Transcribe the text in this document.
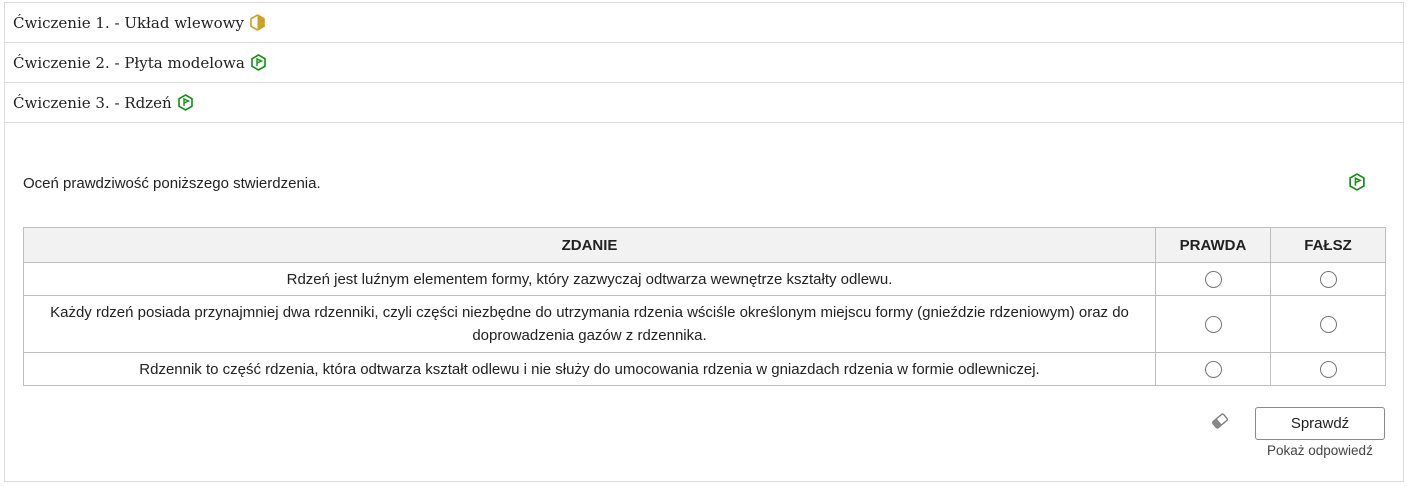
Ćwiczenie 1. - Układ wlewowy
Ćwiczenie 2. - Płyta modelowa
Ćwiczenie 3. - Rdzeń
Oceń prawdziwość poniższego stwierdzenia.
ZDANIE	PRAWDA	FAŁSZ
Rdzeń jest luźnym elementem formy, który zazwyczaj odtwarza wewnętrze kształty odlewu.		
Każdy rdzeń posiada przynajmniej dwa rdzenniki, czyli części niezbędne do utrzymania rdzenia wściśle określonym miejscu formy (gnieździe rdzeniowym) oraz do doprowadzenia gazów z rdzennika.		
Rdzennik to część rdzenia, która odtwarza kształt odlewu i nie służy do umocowania rdzenia w gniazdach rdzenia w formie odlewniczej.		
Sprawdź
Pokaż odpowiedź
